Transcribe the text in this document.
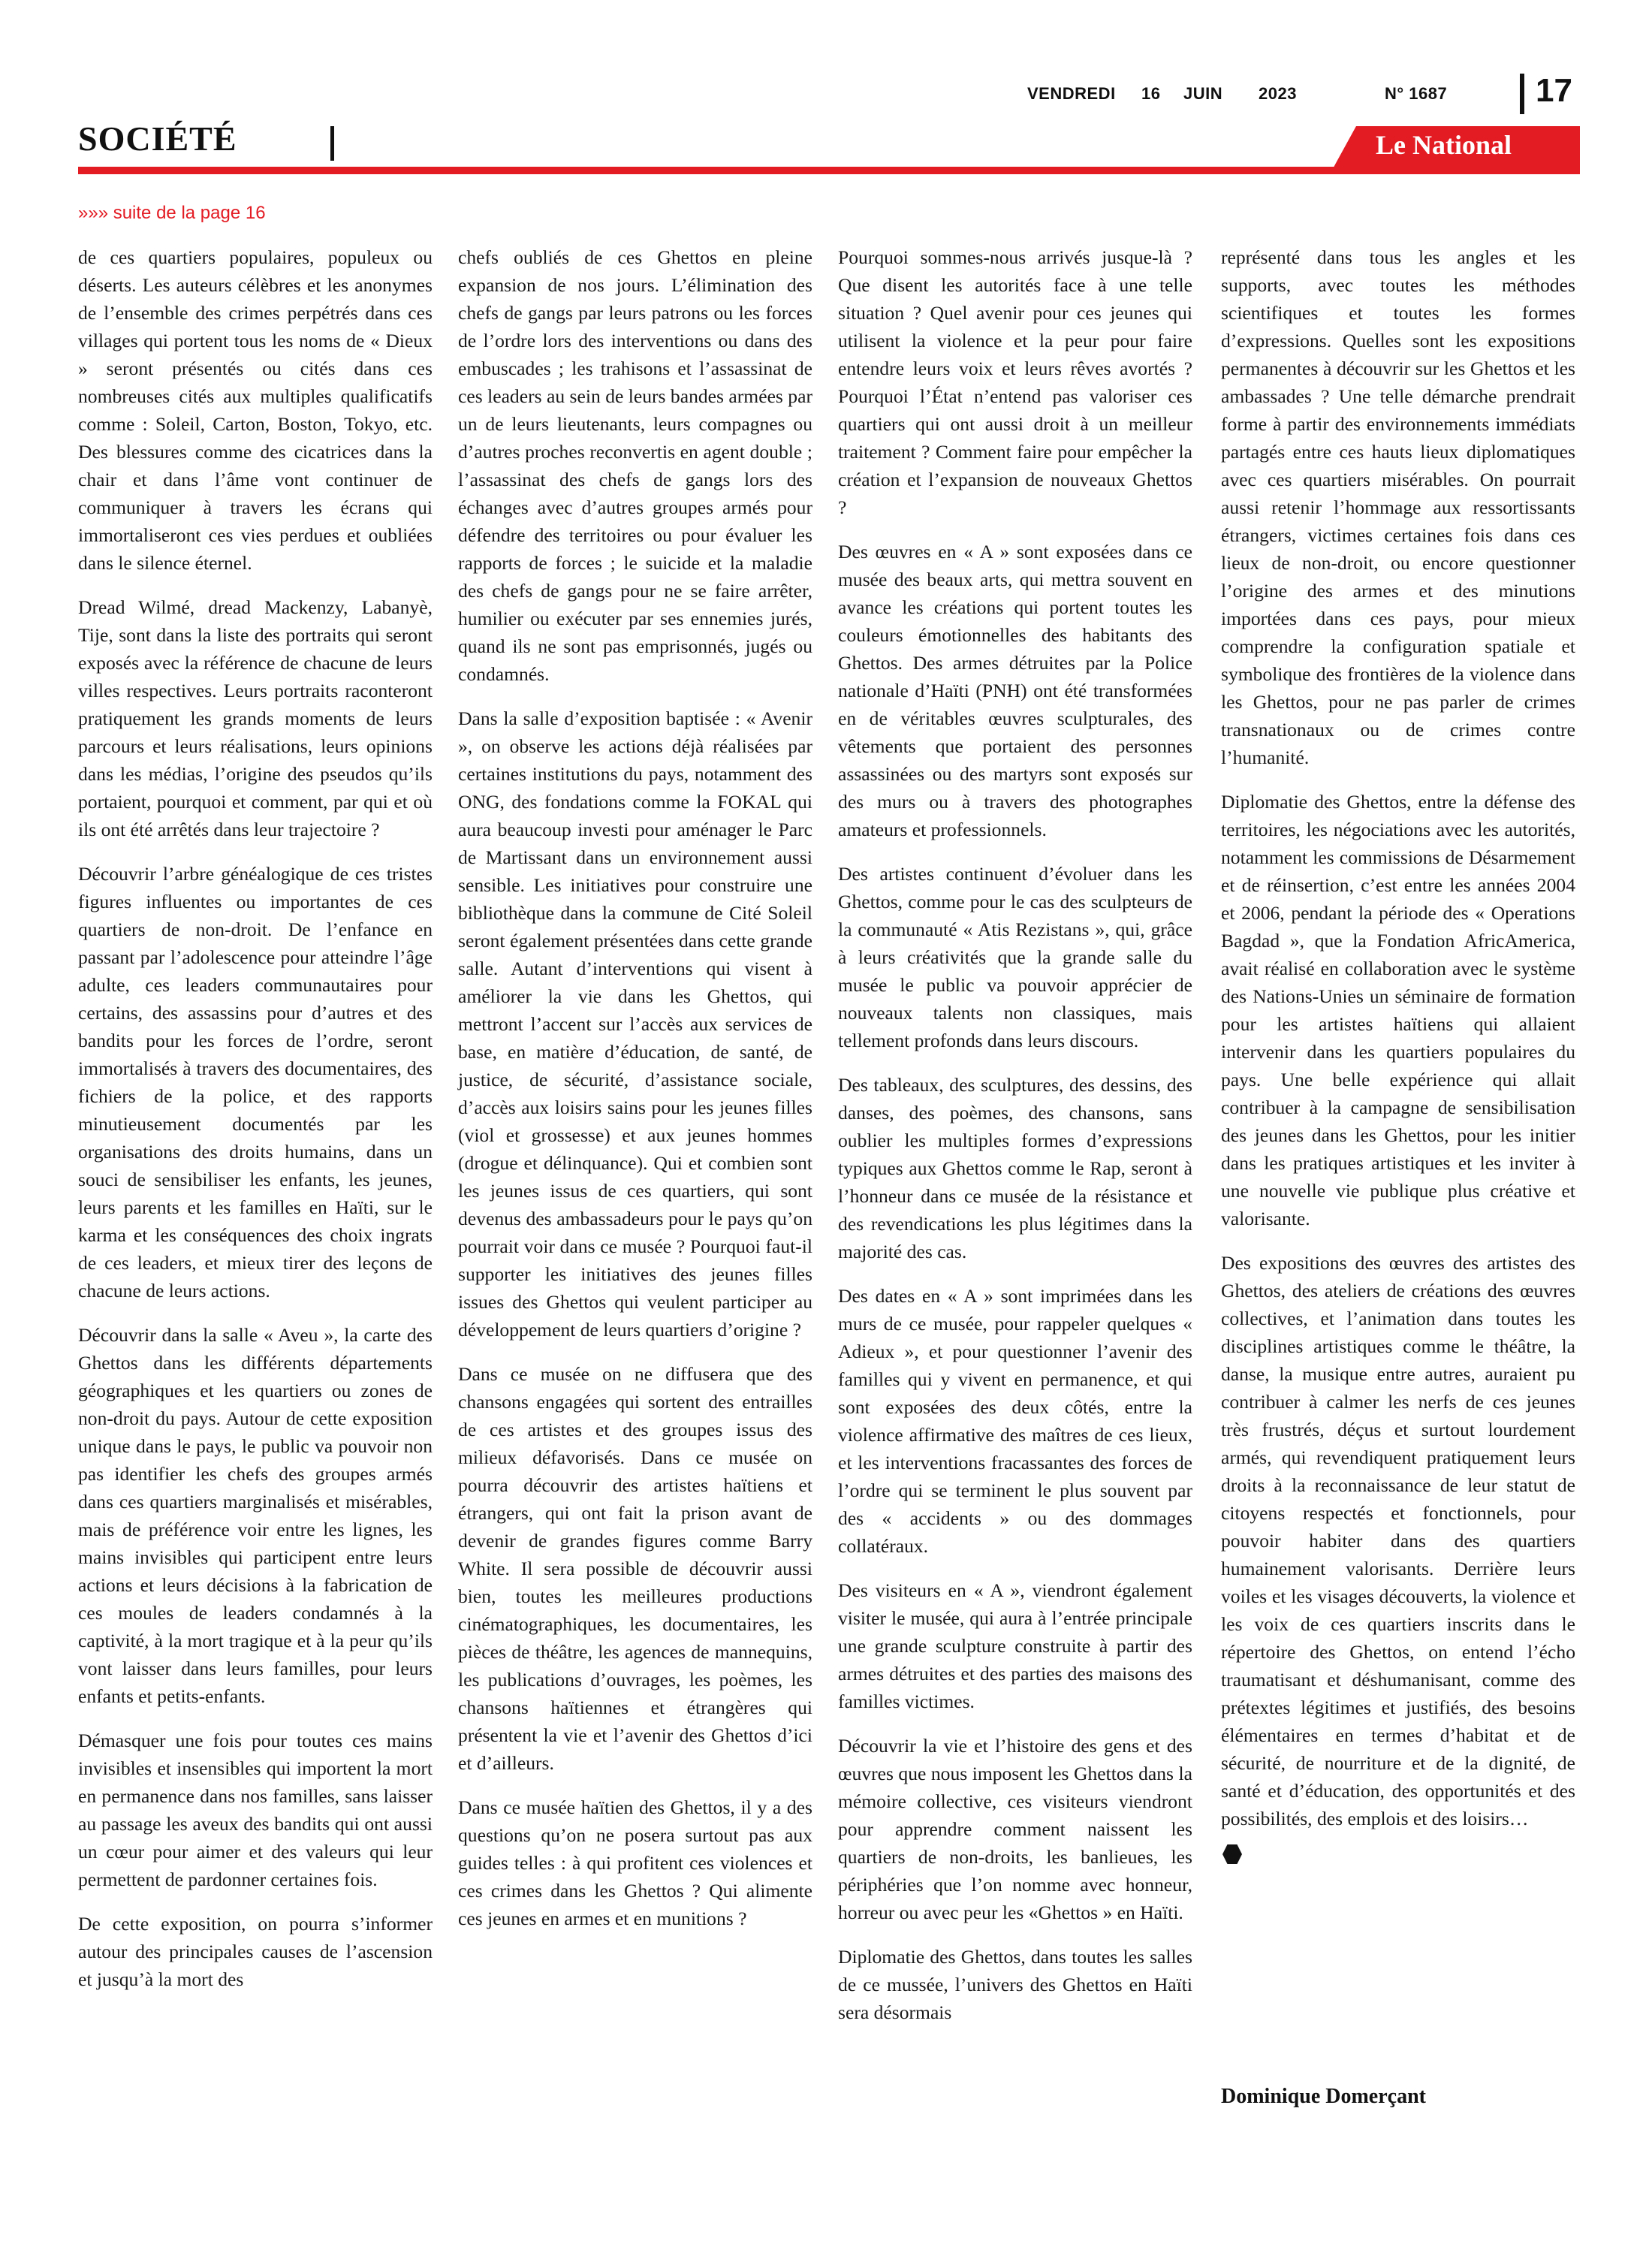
VENDREDI 16 JUIN 2023	N° 1687	17
SOCIÉTÉ	Le National
»»» suite de la page 16

de ces quartiers populaires, populeux ou déserts. Les auteurs célèbres et les anonymes de l’ensemble des crimes perpétrés dans ces villages qui portent tous les noms de « Dieux » seront présentés ou cités dans ces nombreuses cités aux multiples qualificatifs comme : Soleil, Carton, Boston, Tokyo, etc. Des blessures comme des cicatrices dans la chair et dans l’âme vont continuer de communiquer à travers les écrans qui immortaliseront ces vies perdues et oubliées dans le silence éternel.

Dread Wilmé, dread Mackenzy, Labanyè, Tije, sont dans la liste des portraits qui seront exposés avec la référence de chacune de leurs villes respectives. Leurs portraits raconteront pratiquement les grands moments de leurs parcours et leurs réalisations, leurs opinions dans les médias, l’origine des pseudos qu’ils portaient, pourquoi et comment, par qui et où ils ont été arrêtés dans leur trajectoire ?

Découvrir l’arbre généalogique de ces tristes figures influentes ou importantes de ces quartiers de non-droit. De l’enfance en passant par l’adolescence pour atteindre l’âge adulte, ces leaders communautaires pour certains, des assassins pour d’autres et des bandits pour les forces de l’ordre, seront immortalisés à travers des documentaires, des fichiers de la police, et des rapports minutieusement documentés par les organisations des droits humains, dans un souci de sensibiliser les enfants, les jeunes, leurs parents et les familles en Haïti, sur le karma et les conséquences des choix ingrats de ces leaders, et mieux tirer des leçons de chacune de leurs actions.

Découvrir dans la salle « Aveu », la carte des Ghettos dans les différents départements géographiques et les quartiers ou zones de non-droit du pays. Autour de cette exposition unique dans le pays, le public va pouvoir non pas identifier les chefs des groupes armés dans ces quartiers marginalisés et misérables, mais de préférence voir entre les lignes, les mains invisibles qui participent entre leurs actions et leurs décisions à la fabrication de ces moules de leaders condamnés à la captivité, à la mort tragique et à la peur qu’ils vont laisser dans leurs familles, pour leurs enfants et petits-enfants.

Démasquer une fois pour toutes ces mains invisibles et insensibles qui importent la mort en permanence dans nos familles, sans laisser au passage les aveux des bandits qui ont aussi un cœur pour aimer et des valeurs qui leur permettent de pardonner certaines fois.

De cette exposition, on pourra s’informer autour des principales causes de l’ascension et jusqu’à la mort des

chefs oubliés de ces Ghettos en pleine expansion de nos jours. L’élimination des chefs de gangs par leurs patrons ou les forces de l’ordre lors des interventions ou dans des embuscades ; les trahisons et l’assassinat de ces leaders au sein de leurs bandes armées par un de leurs lieutenants, leurs compagnes ou d’autres proches reconvertis en agent double ; l’assassinat des chefs de gangs lors des échanges avec d’autres groupes armés pour défendre des territoires ou pour évaluer les rapports de forces ; le suicide et la maladie des chefs de gangs pour ne se faire arrêter, humilier ou exécuter par ses ennemies jurés, quand ils ne sont pas emprisonnés, jugés ou condamnés.

Dans la salle d’exposition baptisée : « Avenir », on observe les actions déjà réalisées par certaines institutions du pays, notamment des ONG, des fondations comme la FOKAL qui aura beaucoup investi pour aménager le Parc de Martissant dans un environnement aussi sensible. Les initiatives pour construire une bibliothèque dans la commune de Cité Soleil seront également présentées dans cette grande salle. Autant d’interventions qui visent à améliorer la vie dans les Ghettos, qui mettront l’accent sur l’accès aux services de base, en matière d’éducation, de santé, de justice, de sécurité, d’assistance sociale, d’accès aux loisirs sains pour les jeunes filles (viol et grossesse) et aux jeunes hommes (drogue et délinquance). Qui et combien sont les jeunes issus de ces quartiers, qui sont devenus des ambassadeurs pour le pays qu’on pourrait voir dans ce musée ? Pourquoi faut-il supporter les initiatives des jeunes filles issues des Ghettos qui veulent participer au développement de leurs quartiers d’origine ?

Dans ce musée on ne diffusera que des chansons engagées qui sortent des entrailles de ces artistes et des groupes issus des milieux défavorisés. Dans ce musée on pourra découvrir des artistes haïtiens et étrangers, qui ont fait la prison avant de devenir de grandes figures comme Barry White. Il sera possible de découvrir aussi bien, toutes les meilleures productions cinématographiques, les documentaires, les pièces de théâtre, les agences de mannequins, les publications d’ouvrages, les poèmes, les chansons haïtiennes et étrangères qui présentent la vie et l’avenir des Ghettos d’ici et d’ailleurs.

Dans ce musée haïtien des Ghettos, il y a des questions qu’on ne posera surtout pas aux guides telles : à qui profitent ces violences et ces crimes dans les Ghettos ? Qui alimente ces jeunes en armes et en munitions ?

Pourquoi sommes-nous arrivés jusque-là ? Que disent les autorités face à une telle situation ? Quel avenir pour ces jeunes qui utilisent la violence et la peur pour faire entendre leurs voix et leurs rêves avortés ? Pourquoi l’État n’entend pas valoriser ces quartiers qui ont aussi droit à un meilleur traitement ? Comment faire pour empêcher la création et l’expansion de nouveaux Ghettos ?

Des œuvres en « A » sont exposées dans ce musée des beaux arts, qui mettra souvent en avance les créations qui portent toutes les couleurs émotionnelles des habitants des Ghettos. Des armes détruites par la Police nationale d’Haïti (PNH) ont été transformées en de véritables œuvres sculpturales, des vêtements que portaient des personnes assassinées ou des martyrs sont exposés sur des murs ou à travers des photographes amateurs et professionnels.

Des artistes continuent d’évoluer dans les Ghettos, comme pour le cas des sculpteurs de la communauté « Atis Rezistans », qui, grâce à leurs créativités que la grande salle du musée le public va pouvoir apprécier de nouveaux talents non classiques, mais tellement profonds dans leurs discours.

Des tableaux, des sculptures, des dessins, des danses, des poèmes, des chansons, sans oublier les multiples formes d’expressions typiques aux Ghettos comme le Rap, seront à l’honneur dans ce musée de la résistance et des revendications les plus légitimes dans la majorité des cas.

Des dates en « A » sont imprimées dans les murs de ce musée, pour rappeler quelques « Adieux », et pour questionner l’avenir des familles qui y vivent en permanence, et qui sont exposées des deux côtés, entre la violence affirmative des maîtres de ces lieux, et les interventions fracassantes des forces de l’ordre qui se terminent le plus souvent par des « accidents » ou des dommages collatéraux.

Des visiteurs en « A », viendront également visiter le musée, qui aura à l’entrée principale une grande sculpture construite à partir des armes détruites et des parties des maisons des familles victimes.

Découvrir la vie et l’histoire des gens et des œuvres que nous imposent les Ghettos dans la mémoire collective, ces visiteurs viendront pour apprendre comment naissent les quartiers de non-droits, les banlieues, les périphéries que l’on nomme avec honneur, horreur ou avec peur les «Ghettos » en Haïti.

Diplomatie des Ghettos, dans toutes les salles de ce mussée, l’univers des Ghettos en Haïti sera désormais

représenté dans tous les angles et les supports, avec toutes les méthodes scientifiques et toutes les formes d’expressions. Quelles sont les expositions permanentes à découvrir sur les Ghettos et les ambassades ? Une telle démarche prendrait forme à partir des environnements immédiats partagés entre ces hauts lieux diplomatiques avec ces quartiers misérables. On pourrait aussi retenir l’hommage aux ressortissants étrangers, victimes certaines fois dans ces lieux de non-droit, ou encore questionner l’origine des armes et des minutions importées dans ces pays, pour mieux comprendre la configuration spatiale et symbolique des frontières de la violence dans les Ghettos, pour ne pas parler de crimes transnationaux ou de crimes contre l’humanité.

Diplomatie des Ghettos, entre la défense des territoires, les négociations avec les autorités, notamment les commissions de Désarmement et de réinsertion, c’est entre les années 2004 et 2006, pendant la période des « Operations Bagdad », que la Fondation AfricAmerica, avait réalisé en collaboration avec le système des Nations-Unies un séminaire de formation pour les artistes haïtiens qui allaient intervenir dans les quartiers populaires du pays. Une belle expérience qui allait contribuer à la campagne de sensibilisation des jeunes dans les Ghettos, pour les initier dans les pratiques artistiques et les inviter à une nouvelle vie publique plus créative et valorisante.

Des expositions des œuvres des artistes des Ghettos, des ateliers de créations des œuvres collectives, et l’animation dans toutes les disciplines artistiques comme le théâtre, la danse, la musique entre autres, auraient pu contribuer à calmer les nerfs de ces jeunes très frustrés, déçus et surtout lourdement armés, qui revendiquent pratiquement leurs droits à la reconnaissance de leur statut de citoyens respectés et fonctionnels, pour pouvoir habiter dans des quartiers humainement valorisants. Derrière leurs voiles et les visages découverts, la violence et les voix de ces quartiers inscrits dans le répertoire des Ghettos, on entend l’écho traumatisant et déshumanisant, comme des prétextes légitimes et justifiés, des besoins élémentaires en termes d’habitat et de sécurité, de nourriture et de la dignité, de santé et d’éducation, des opportunités et des possibilités, des emplois et des loisirs…

Dominique Domerçant
